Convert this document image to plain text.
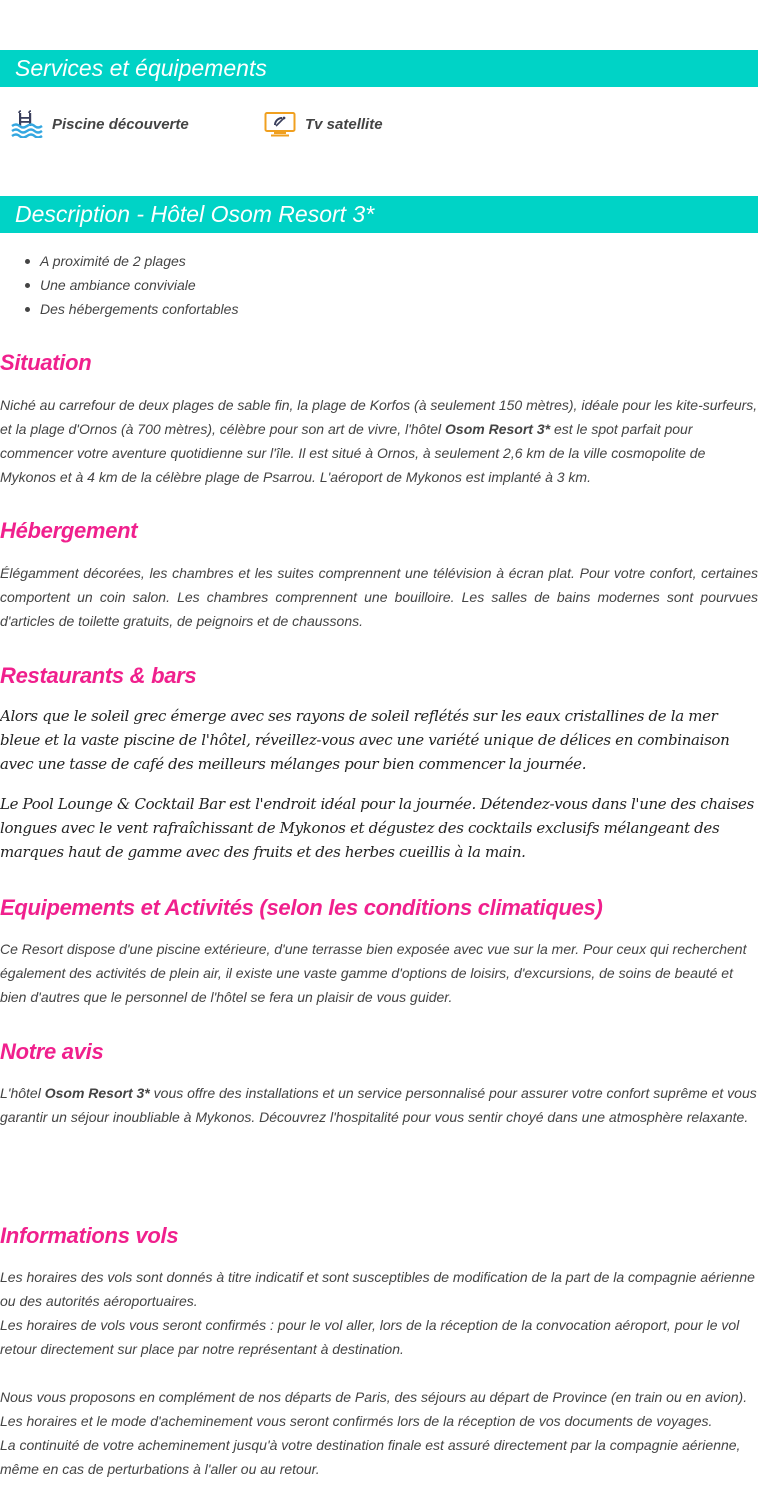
Services et équipements
Piscine découverte	Tv satellite
Description - Hôtel Osom Resort 3*
A proximité de 2 plages
Une ambiance conviviale
Des hébergements confortables
Situation

Niché au carrefour de deux plages de sable fin, la plage de Korfos (à seulement 150 mètres), idéale pour les kite-surfeurs, et la plage d'Ornos (à 700 mètres), célèbre pour son art de vivre, l'hôtel Osom Resort 3* est le spot parfait pour commencer votre aventure quotidienne sur l'île. Il est situé à Ornos, à seulement 2,6 km de la ville cosmopolite de Mykonos et à 4 km de la célèbre plage de Psarrou. L'aéroport de Mykonos est implanté à 3 km.

Hébergement

Élégamment décorées, les chambres et les suites comprennent une télévision à écran plat. Pour votre confort, certaines comportent un coin salon. Les chambres comprennent une bouilloire. Les salles de bains modernes sont pourvues d'articles de toilette gratuits, de peignoirs et de chaussons.

Restaurants & bars

Alors que le soleil grec émerge avec ses rayons de soleil reflétés sur les eaux cristallines de la mer bleue et la vaste piscine de l'hôtel, réveillez-vous avec une variété unique de délices en combinaison avec une tasse de café des meilleurs mélanges pour bien commencer la journée.

Le Pool Lounge & Cocktail Bar est l'endroit idéal pour la journée. Détendez-vous dans l'une des chaises longues avec le vent rafraîchissant de Mykonos et dégustez des cocktails exclusifs mélangeant des marques haut de gamme avec des fruits et des herbes cueillis à la main.

Equipements et Activités (selon les conditions climatiques)

Ce Resort dispose d'une piscine extérieure, d'une terrasse bien exposée avec vue sur la mer. Pour ceux qui recherchent également des activités de plein air, il existe une vaste gamme d'options de loisirs, d'excursions, de soins de beauté et bien d'autres que le personnel de l'hôtel se fera un plaisir de vous guider.

Notre avis

L'hôtel Osom Resort 3* vous offre des installations et un service personnalisé pour assurer votre confort suprême et vous garantir un séjour inoubliable à Mykonos. Découvrez l'hospitalité pour vous sentir choyé dans une atmosphère relaxante.

Informations vols
Les horaires des vols sont donnés à titre indicatif et sont susceptibles de modification de la part de la compagnie aérienne ou des autorités aéroportuaires.
Les horaires de vols vous seront confirmés : pour le vol aller, lors de la réception de la convocation aéroport, pour le vol retour directement sur place par notre représentant à destination.
Nous vous proposons en complément de nos départs de Paris, des séjours au départ de Province (en train ou en avion).
Les horaires et le mode d'acheminement vous seront confirmés lors de la réception de vos documents de voyages.
La continuité de votre acheminement jusqu'à votre destination finale est assuré directement par la compagnie aérienne, même en cas de perturbations à l'aller ou au retour.
